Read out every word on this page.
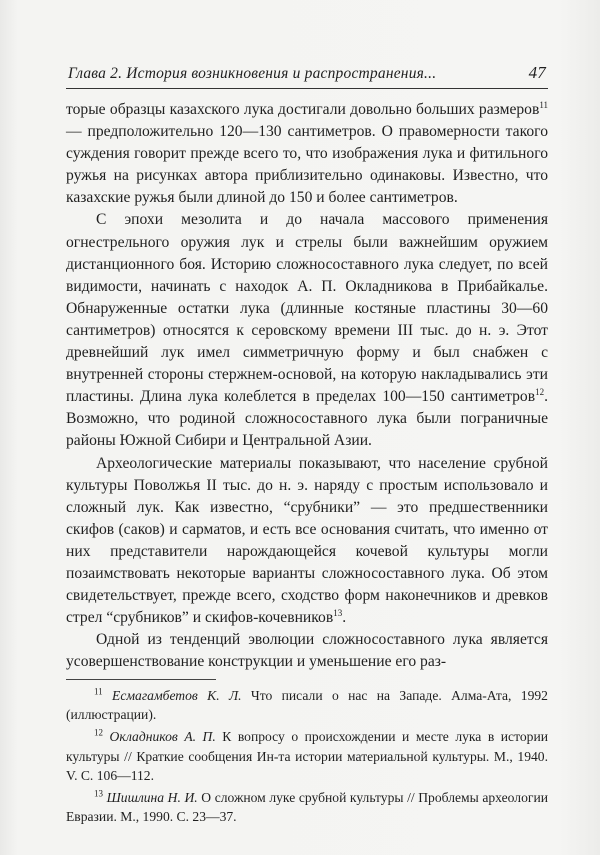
Глава 2. История возникновения и распространения...	47

торые образцы казахского лука достигали довольно больших размеров$^{11}$ — предположительно 120—130 сантиметров. О правомерности такого суждения говорит прежде всего то, что изображения лука и фитильного ружья на рисунках автора приблизительно одинаковы. Известно, что казахские ружья были длиной до 150 и более сантиметров.

С эпохи мезолита и до начала массового применения огнестрельного оружия лук и стрелы были важнейшим оружием дистанционного боя. Историю сложносоставного лука следует, по всей видимости, начинать с находок А. П. Окладникова в Прибайкалье. Обнаруженные остатки лука (длинные костяные пластины 30—60 сантиметров) относятся к серовскому времени III тыс. до н. э. Этот древнейший лук имел симметричную форму и был снабжен с внутренней стороны стержнем-основой, на которую накладывались эти пластины. Длина лука колеблется в пределах 100—150 сантиметров$^{12}$. Возможно, что родиной сложносоставного лука были пограничные районы Южной Сибири и Центральной Азии.

Археологические материалы показывают, что население срубной культуры Поволжья II тыс. до н. э. наряду с простым использовало и сложный лук. Как известно, “срубники” — это предшественники скифов (саков) и сарматов, и есть все основания считать, что именно от них представители нарождающейся кочевой культуры могли позаимствовать некоторые варианты сложносоставного лука. Об этом свидетельствует, прежде всего, сходство форм наконечников и древков стрел “срубников” и скифов-кочевников$^{13}$.

Одной из тенденций эволюции сложносоставного лука является усовершенствование конструкции и уменьшение его раз-

$^{11}$ Есмагамбетов К. Л. Что писали о нас на Западе. Алма-Ата, 1992 (иллюстрации).

$^{12}$ Окладников А. П. К вопросу о происхождении и месте лука в истории культуры // Краткие сообщения Ин-та истории материальной культуры. М., 1940. V. С. 106—112.

$^{13}$ Шишлина Н. И. О сложном луке срубной культуры // Проблемы археологии Евразии. М., 1990. С. 23—37.
